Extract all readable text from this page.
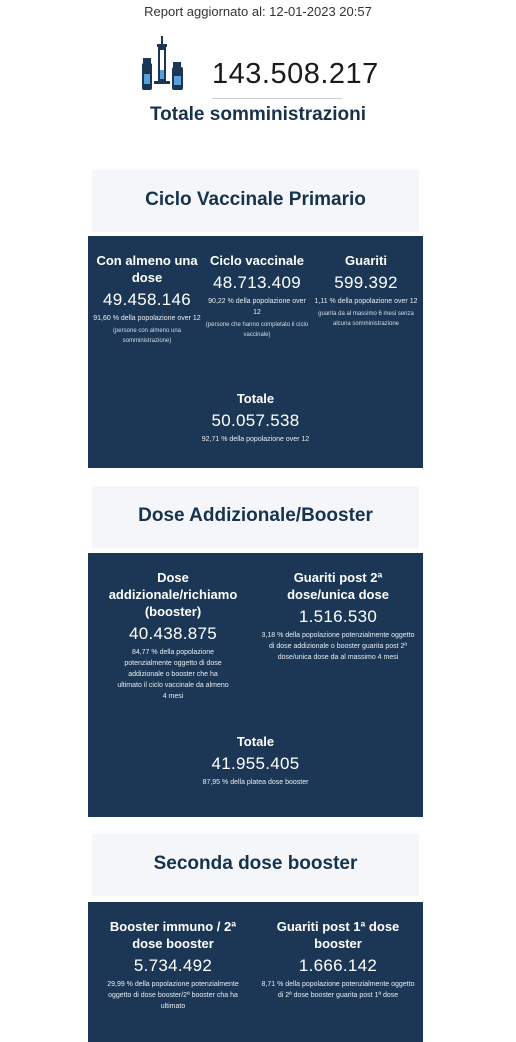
Report aggiornato al: 12-01-2023 20:57
143.508.217
Totale somministrazioni
Ciclo Vaccinale Primario
Con almeno una dose
49.458.146
91,60 % della popolazione over 12
(persone con almeno una somministrazione)
Ciclo vaccinale
48.713.409
90,22 % della popolazione over 12
(persone che hanno completato il ciclo vaccinale)
Guariti
599.392
1,11 % della popolazione over 12
guarita da al massimo 6 mesi senza alcuna somministrazione
Totale
50.057.538
92,71 % della popolazione over 12
Dose Addizionale/Booster
Dose addizionale/richiamo (booster)
40.438.875
84,77 % della popolazione potenzialmente oggetto di dose addizionale o booster che ha ultimato il ciclo vaccinale da almeno 4 mesi
Guariti post 2ª dose/unica dose
1.516.530
3,18 % della popolazione potenzialmente oggetto di dose addizionale o booster guarita post 2ª dose/unica dose da al massimo 4 mesi
Totale
41.955.405
87,95 % della platea dose booster
Seconda dose booster
Booster immuno / 2ª dose booster
5.734.492
29,99 % della popolazione potenzialmente oggetto di dose booster/2ª booster cha ha ultimato
Guariti post 1ª dose booster
1.666.142
8,71 % della popolazione potenzialmente oggetto di 2ª dose booster guarita post 1ª dose
